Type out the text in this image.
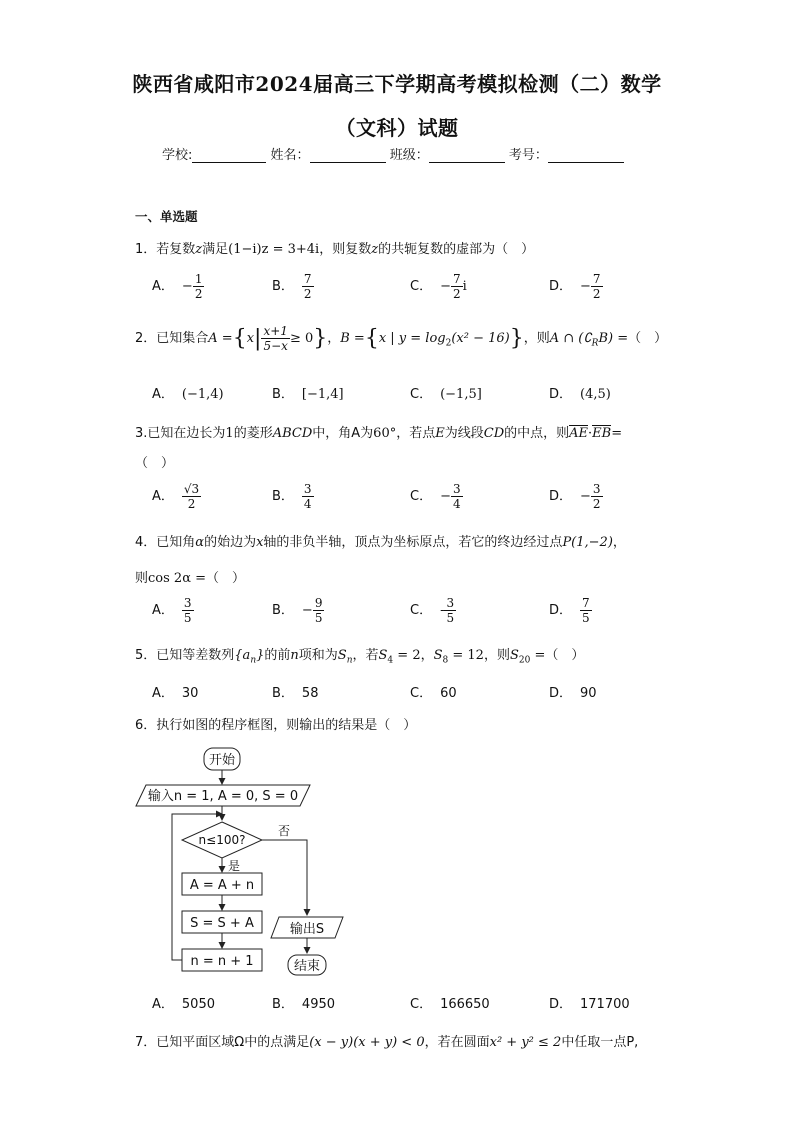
陕西省咸阳市2024届高三下学期高考模拟检测（二）数学
（文科）试题
学校:	姓名：	班级：	考号：
一、单选题
1．若复数z满足(1−i)z = 3+4i，则复数z的共轭复数的虚部为（　）
A． − $\frac{1}{2}$	B． $\frac{7}{2}$	C． − $\frac{7}{2}$ i	D． − $\frac{7}{2}$
2．已知集合$A =\{x| \frac{x+1}{5-x} \ge 0\}$，B ={x | $y = \log_2(x^2 - 16)$}，则A ∩ $(∁_RB)$ =（　）
A． (−1,4)	B． [−1,4]	C． (−1,5]	D． (4,5)
3.已知在边长为1的菱形ABCD中，角A为60°，若点E为线段CD的中点，则AE·EB=
（　）
A． $\frac{√3}{2}$	B． $\frac{3}{4}$	C． − $\frac{3}{4}$	D． − $\frac{3}{2}$
4．已知角α的始边为x轴的非负半轴，顶点为坐标原点，若它的终边经过点P(1,−2)，
则cos 2α =（　）
A． $\frac{3}{5}$	B． − $\frac{9}{5}$	C． - $\frac{3}{5}$	D． $\frac{7}{5}$
5．已知等差数列$\{a_n\}$的前n项和为$S_n$，若$S_4 = 2$，$S_8 = 12$，则$S_{20}$ =（　）
A． 30	B． 58	C． 60	D． 90
6．执行如图的程序框图，则输出的结果是（　）
开始
输入n = 1, A = 0, S = 0
n≤100?
否
是
A = A + n
S = S + A
n = n + 1
输出S
结束
A． 5050	B． 4950	C． 166650	D． 171700
7．已知平面区域Ω中的点满足(x − y)(x + y) < 0，若在圆面x² + y² ≤ 2中任取一点P,
